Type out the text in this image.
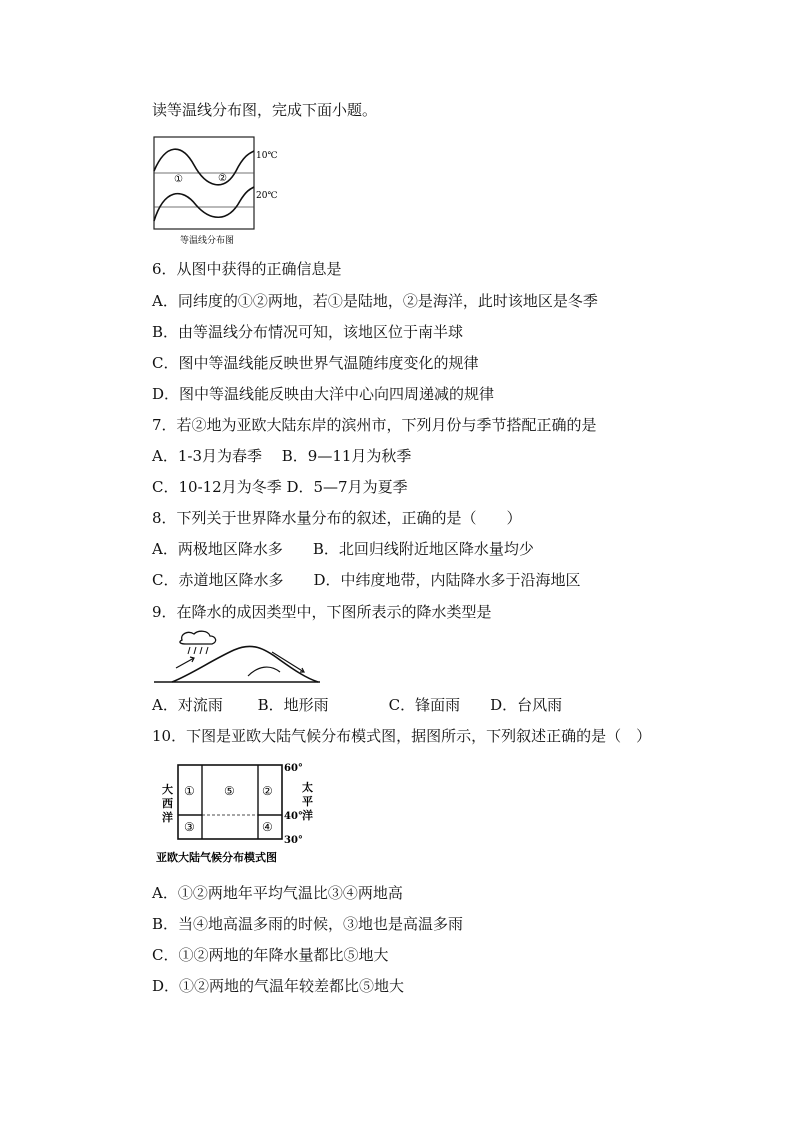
读等温线分布图，完成下面小题。
10℃
20℃
①	②
等温线分布图
6．从图中获得的正确信息是
A．同纬度的①②两地，若①是陆地，②是海洋，此时该地区是冬季
B．由等温线分布情况可知，该地区位于南半球
C．图中等温线能反映世界气温随纬度变化的规律
D．图中等温线能反映由大洋中心向四周递减的规律
7．若②地为亚欧大陆东岸的滨州市，下列月份与季节搭配正确的是
A．1-3月为春季　 B．9—11月为秋季
C．10-12月为冬季 D．5—7月为夏季
8．下列关于世界降水量分布的叙述，正确的是（　　）
A．两极地区降水多　　B．北回归线附近地区降水量均少
C．赤道地区降水多　　D．中纬度地带，内陆降水多于沿海地区
9．在降水的成因类型中，下图所表示的降水类型是
A．对流雨　　 B．地形雨　　　　C．锋面雨　　D．台风雨
10．下图是亚欧大陆气候分布模式图，据图所示，下列叙述正确的是（　）
60°
40°
30°
大
西
洋
太
平
洋
①	②
③	④
⑤
亚欧大陆气候分布模式图
A．①②两地年平均气温比③④两地高
B．当④地高温多雨的时候，③地也是高温多雨
C．①②两地的年降水量都比⑤地大
D．①②两地的气温年较差都比⑤地大
